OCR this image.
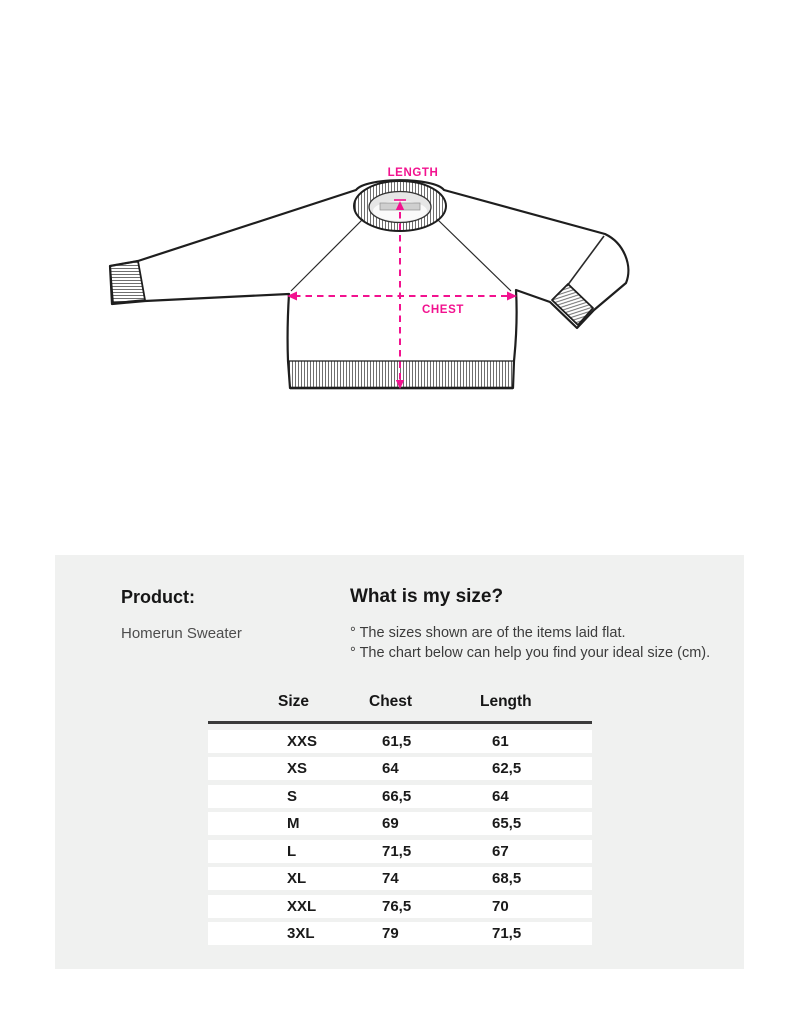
LENGTH
CHEST
Product:
Homerun Sweater
What is my size?
° The sizes shown are of the items laid flat.
° The chart below can help you find your ideal size (cm).
Size	Chest	Length
XXS	61,5	61
XS	64	62,5
S	66,5	64
M	69	65,5
L	71,5	67
XL	74	68,5
XXL	76,5	70
3XL	79	71,5
